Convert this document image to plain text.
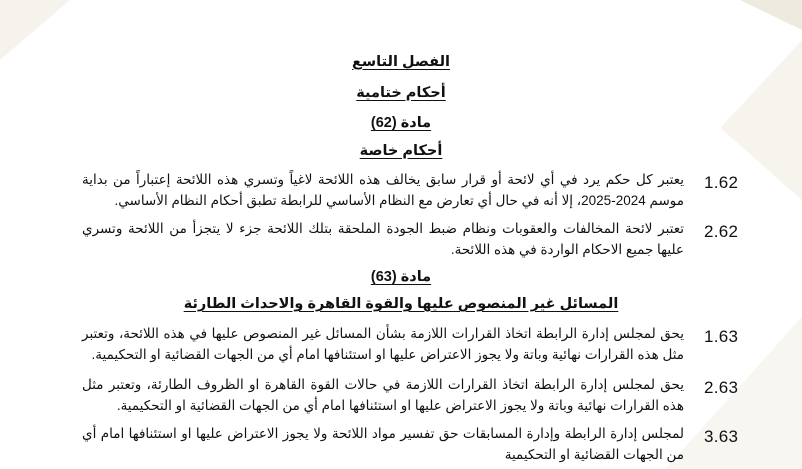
الفصل التاسع
أحكام ختامية
مادة (62)
أحكام خاصة
يعتبر كل حكم يرد في أي لائحة أو قرار سابق يخالف هذه اللائحة لاغياً وتسري هذه اللائحة إعتباراً من بداية موسم 2024-2025، إلا أنه في حال أي تعارض مع النظام الأساسي للرابطة تطبق أحكام النظام الأساسي.
1.62
تعتبر لائحة المخالفات والعقوبات ونظام ضبط الجودة الملحقة بتلك اللائحة جزء لا يتجزأ من اللائحة وتسري عليها جميع الاحكام الواردة في هذه اللائحة.
2.62
مادة (63)
المسائل غير المنصوص عليها والقوة القاهرة والاحداث الطارئة
يحق لمجلس إدارة الرابطة اتخاذ القرارات اللازمة بشأن المسائل غير المنصوص عليها في هذه اللائحة، وتعتبر مثل هذه القرارات نهائية وباتة ولا يجوز الاعتراض عليها او استئنافها امام أي من الجهات القضائية او التحكيمية.
1.63
يحق لمجلس إدارة الرابطة اتخاذ القرارات اللازمة في حالات القوة القاهرة او الظروف الطارئة، وتعتبر مثل هذه القرارات نهائية وباتة ولا يجوز الاعتراض عليها او استئنافها امام أي من الجهات القضائية او التحكيمية.
2.63
لمجلس إدارة الرابطة وإدارة المسابقات حق تفسير مواد اللائحة ولا يجوز الاعتراض عليها او استئنافها امام أي من الجهات القضائية او التحكيمية
3.63
